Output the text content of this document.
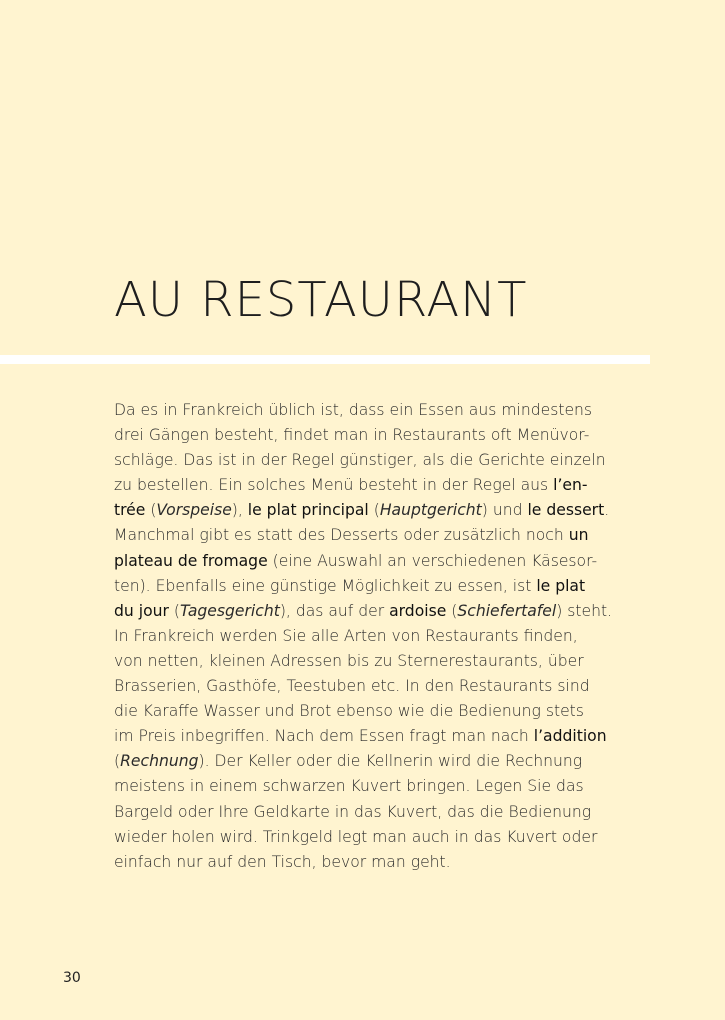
AU RESTAURANT
Da es in Frankreich üblich ist, dass ein Essen aus mindestens
drei Gängen besteht, findet man in Restaurants oft Menüvor-
schläge. Das ist in der Regel günstiger, als die Gerichte einzeln
zu bestellen. Ein solches Menü besteht in der Regel aus l’en-
trée (Vorspeise), le plat principal (Hauptgericht) und le dessert.
Manchmal gibt es statt des Desserts oder zusätzlich noch un
plateau de fromage (eine Auswahl an verschiedenen Käsesor-
ten). Ebenfalls eine günstige Möglichkeit zu essen, ist le plat
du jour (Tagesgericht), das auf der ardoise (Schiefertafel) steht.
In Frankreich werden Sie alle Arten von Restaurants finden,
von netten, kleinen Adressen bis zu Sternerestaurants, über
Brasserien, Gasthöfe, Teestuben etc. In den Restaurants sind
die Karaffe Wasser und Brot ebenso wie die Bedienung stets
im Preis inbegriffen. Nach dem Essen fragt man nach l’addition
(Rechnung). Der Keller oder die Kellnerin wird die Rechnung
meistens in einem schwarzen Kuvert bringen. Legen Sie das
Bargeld oder Ihre Geldkarte in das Kuvert, das die Bedienung
wieder holen wird. Trinkgeld legt man auch in das Kuvert oder
einfach nur auf den Tisch, bevor man geht.
30
